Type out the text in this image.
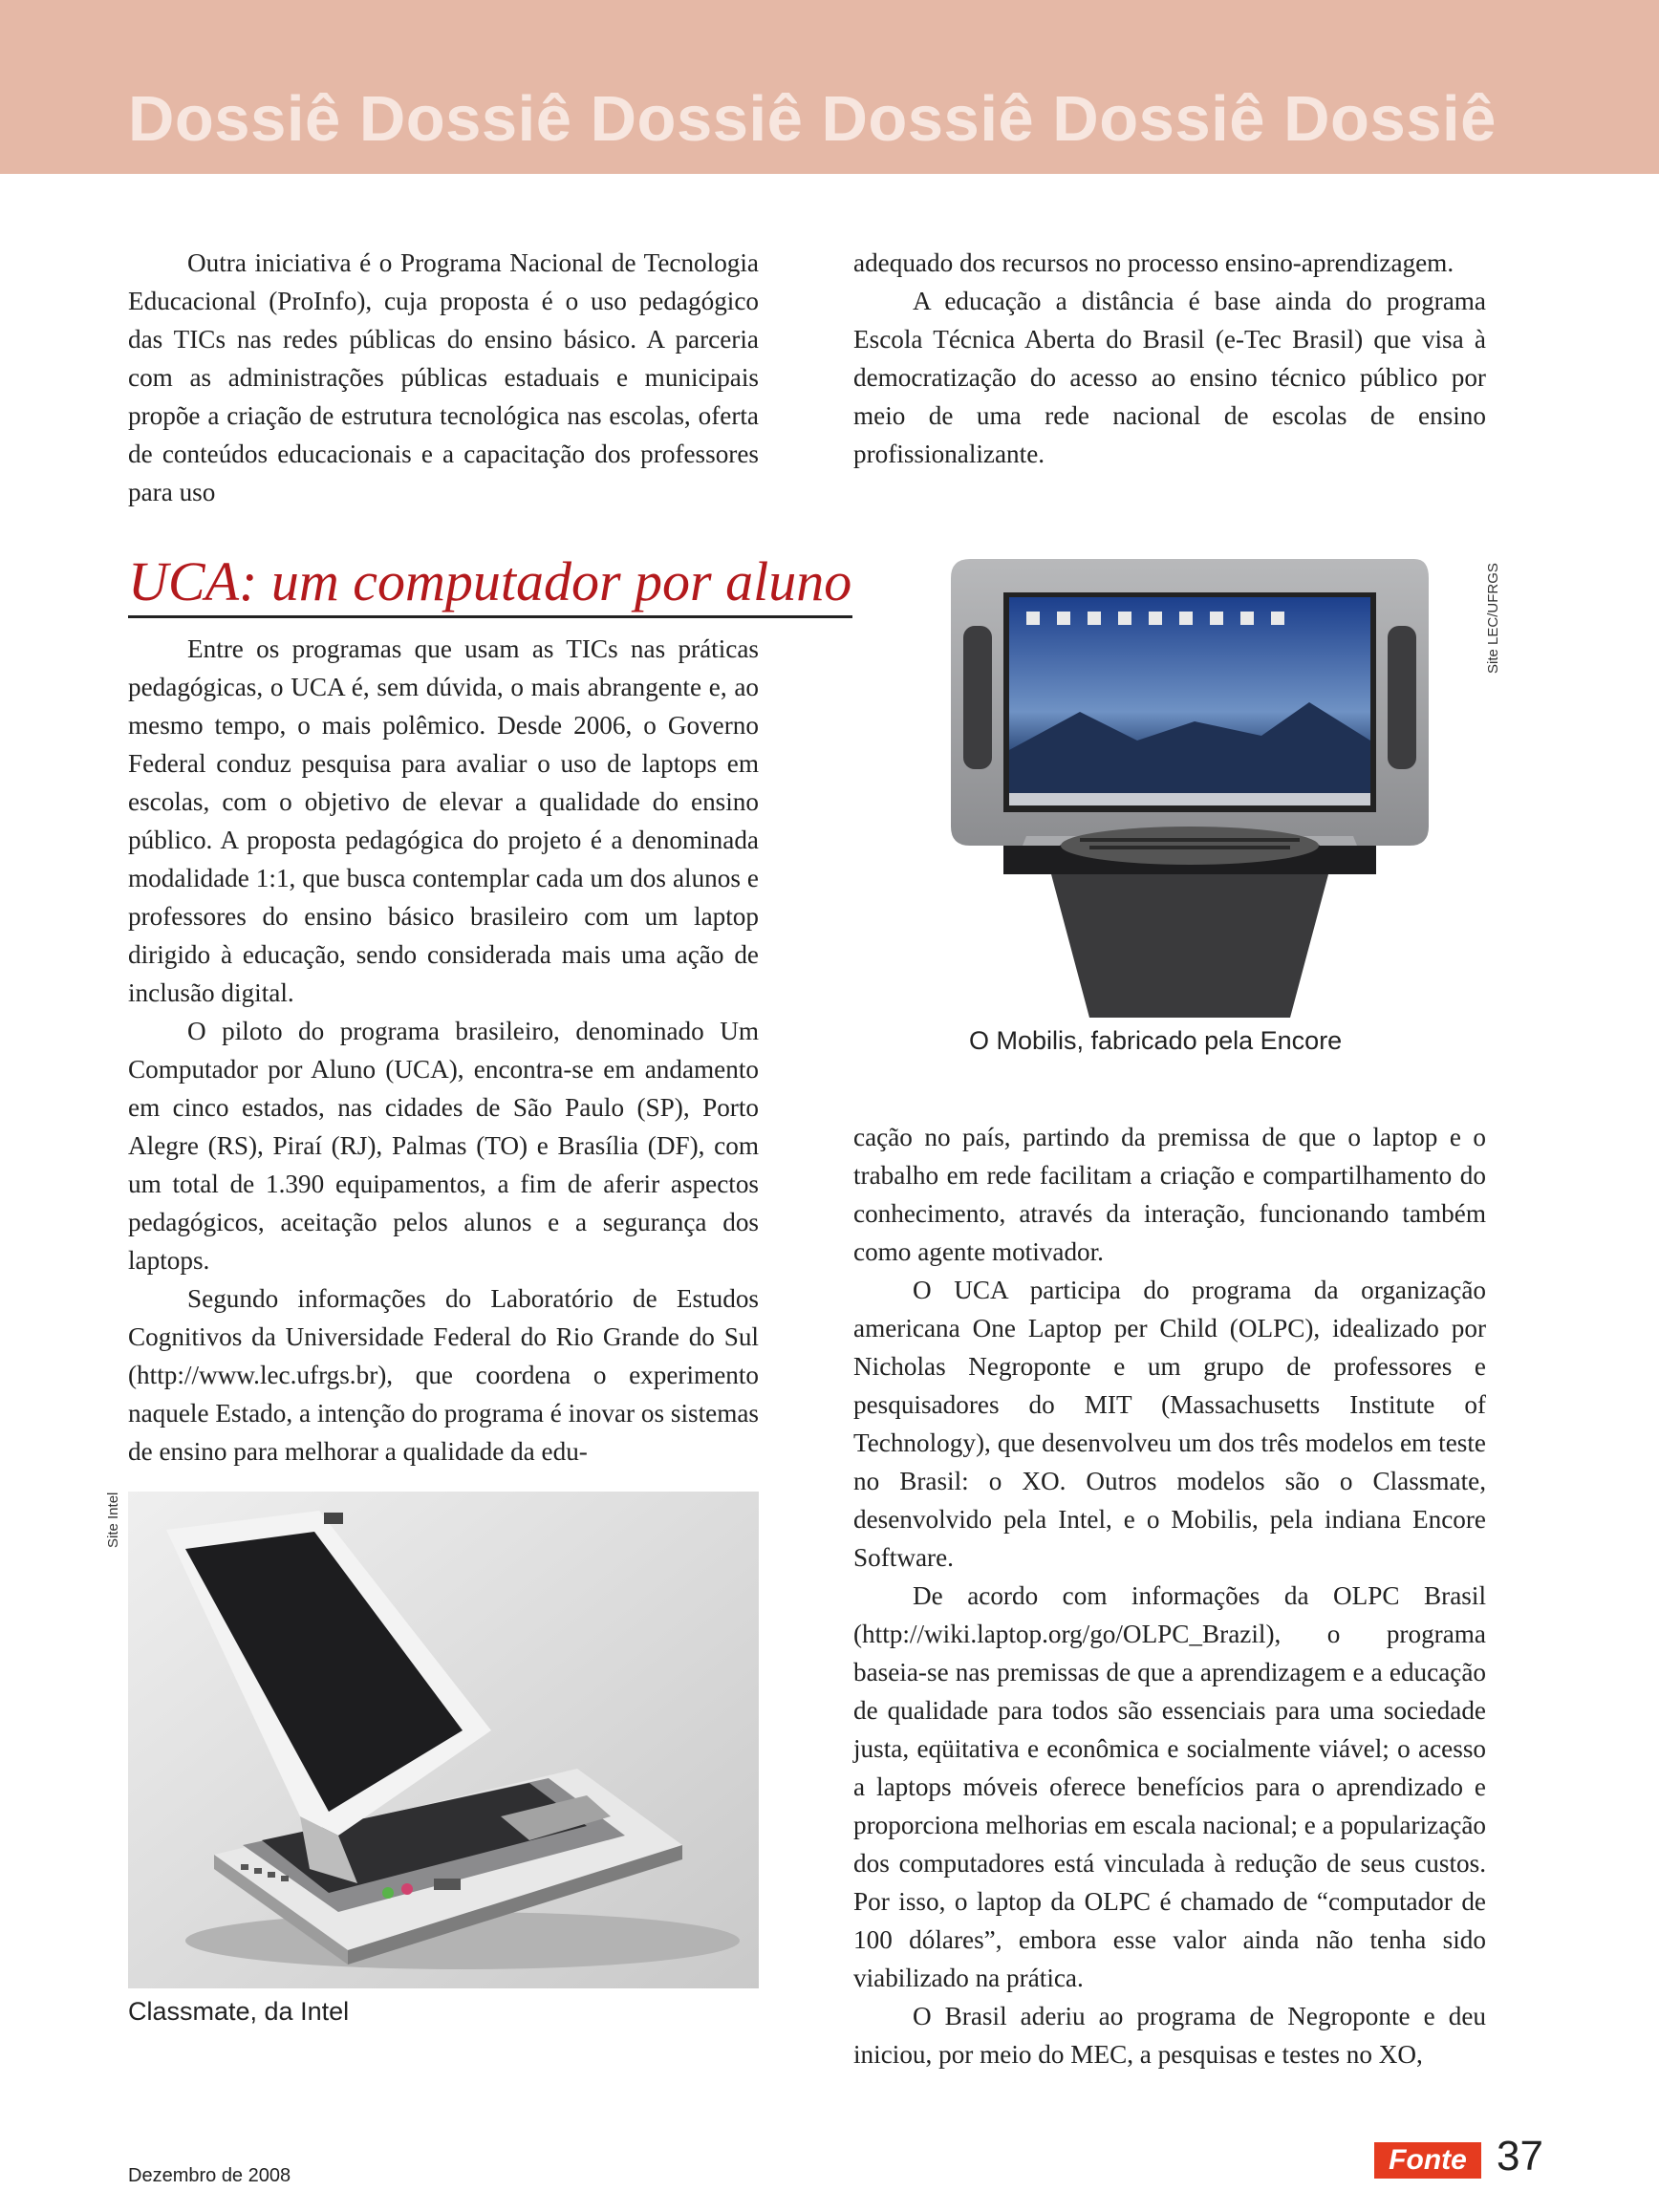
Dossiê Dossiê Dossiê Dossiê Dossiê Dossiê

Outra iniciativa é o Programa Nacional de Tecnologia Educacional (ProInfo), cuja proposta é o uso pedagógico das TICs nas redes públicas do ensino básico. A parceria com as administrações públicas estaduais e municipais propõe a criação de estrutura tecnológica nas escolas, oferta de conteúdos educacionais e a capacitação dos professores para uso

adequado dos recursos no processo ensino-aprendizagem.

A educação a distância é base ainda do programa Escola Técnica Aberta do Brasil (e-Tec Brasil) que visa à democratização do acesso ao ensino técnico público por meio de uma rede nacional de escolas de ensino profissionalizante.

UCA: um computador por aluno

Entre os programas que usam as TICs nas práticas pedagógicas, o UCA é, sem dúvida, o mais abrangente e, ao mesmo tempo, o mais polêmico. Desde 2006, o Governo Federal conduz pesquisa para avaliar o uso de laptops em escolas, com o objetivo de elevar a qualidade do ensino público. A proposta pedagógica do projeto é a denominada modalidade 1:1, que busca contemplar cada um dos alunos e professores do ensino básico brasileiro com um laptop dirigido à educação, sendo considerada mais uma ação de inclusão digital.

O piloto do programa brasileiro, denominado Um Computador por Aluno (UCA), encontra-se em andamento em cinco estados, nas cidades de São Paulo (SP), Porto Alegre (RS), Piraí (RJ), Palmas (TO) e Brasília (DF), com um total de 1.390 equipamentos, a fim de aferir aspectos pedagógicos, aceitação pelos alunos e a segurança dos laptops.

Segundo informações do Laboratório de Estudos Cognitivos da Universidade Federal do Rio Grande do Sul (http://www.lec.ufrgs.br), que coordena o experimento naquele Estado, a intenção do programa é inovar os sistemas de ensino para melhorar a qualidade da edu-

cação no país, partindo da premissa de que o laptop e o trabalho em rede facilitam a criação e compartilhamento do conhecimento, através da interação, funcionando também como agente motivador.

O UCA participa do programa da organização americana One Laptop per Child (OLPC), idealizado por Nicholas Negroponte e um grupo de professores e pesquisadores do MIT (Massachusetts Institute of Technology), que desenvolveu um dos três modelos em teste no Brasil: o XO. Outros modelos são o Classmate, desenvolvido pela Intel, e o Mobilis, pela indiana Encore Software.

De acordo com informações da OLPC Brasil (http://wiki.laptop.org/go/OLPC_Brazil), o programa baseia-se nas premissas de que a aprendizagem e a educação de qualidade para todos são essenciais para uma sociedade justa, eqüitativa e econômica e socialmente viável; o acesso a laptops móveis oferece benefícios para o aprendizado e proporciona melhorias em escala nacional; e a popularização dos computadores está vinculada à redução de seus custos. Por isso, o laptop da OLPC é chamado de “computador de 100 dólares”, embora esse valor ainda não tenha sido viabilizado na prática.

O Brasil aderiu ao programa de Negroponte e deu iniciou, por meio do MEC, a pesquisas e testes no XO,

O Mobilis, fabricado pela Encore
Site LEC/UFRGS
Classmate, da Intel
Site Intel
Dezembro de 2008	Fonte 37
